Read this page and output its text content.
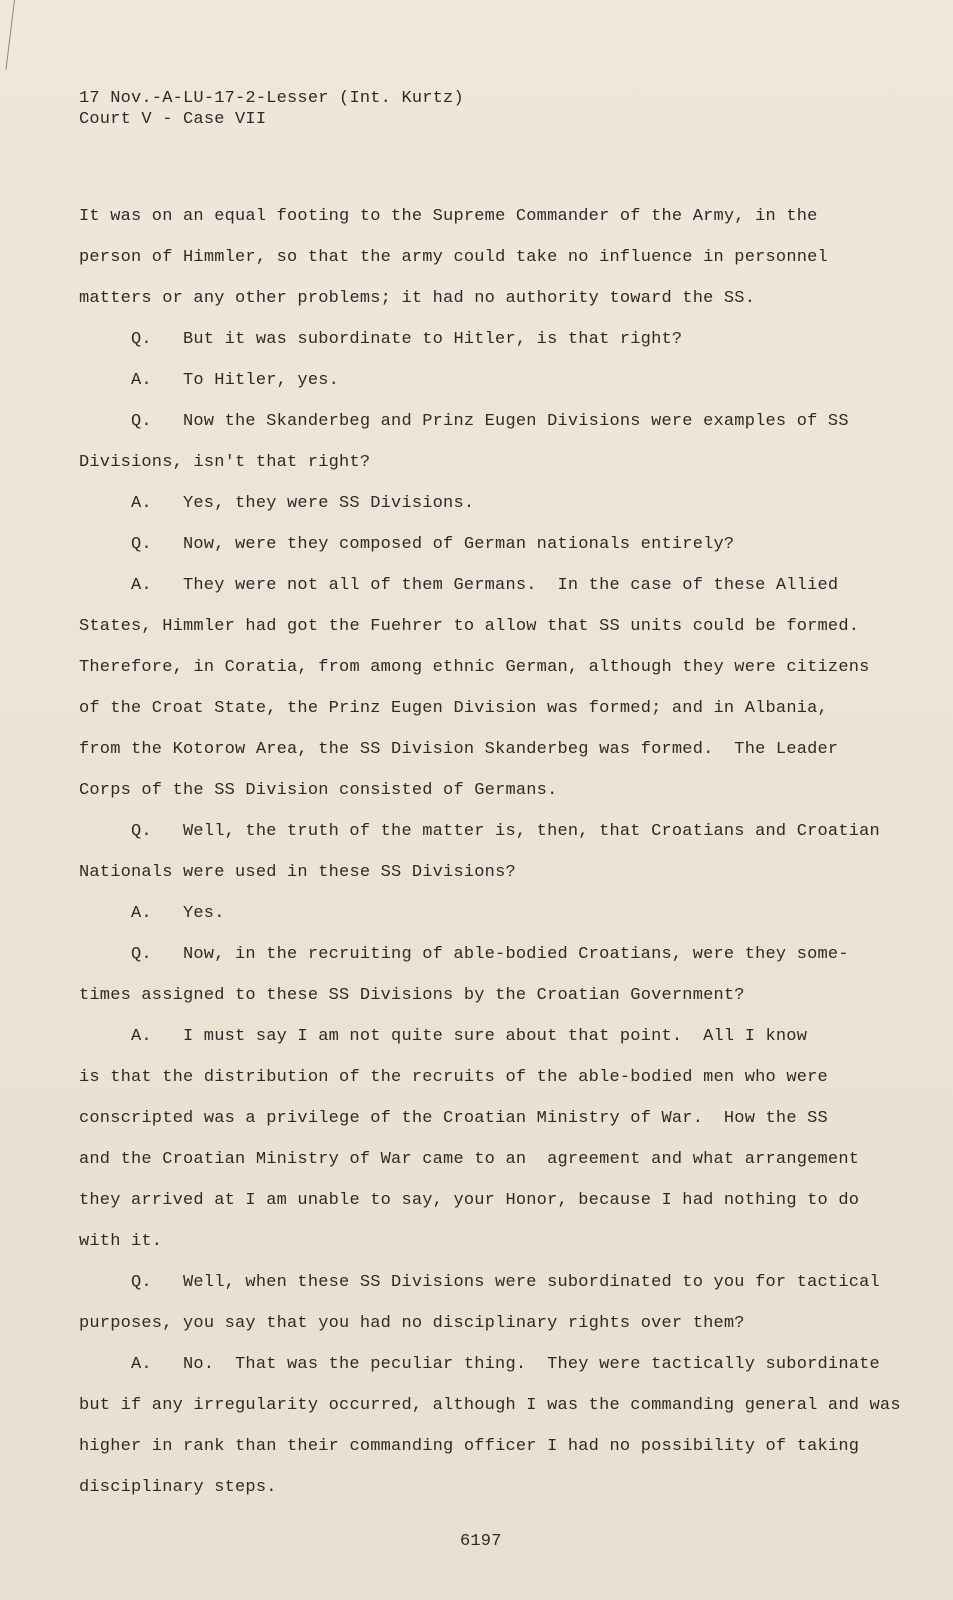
17 Nov.-A-LU-17-2-Lesser (Int. Kurtz)
Court V - Case VII
It was on an equal footing to the Supreme Commander of the Army, in the
person of Himmler, so that the army could take no influence in personnel
matters or any other problems; it had no authority toward the SS.
Q.   But it was subordinate to Hitler, is that right?
A.   To Hitler, yes.
Q.   Now the Skanderbeg and Prinz Eugen Divisions were examples of SS
Divisions, isn't that right?
A.   Yes, they were SS Divisions.
Q.   Now, were they composed of German nationals entirely?
A.   They were not all of them Germans.  In the case of these Allied
States, Himmler had got the Fuehrer to allow that SS units could be formed.
Therefore, in Coratia, from among ethnic German, although they were citizens
of the Croat State, the Prinz Eugen Division was formed; and in Albania,
from the Kotorow Area, the SS Division Skanderbeg was formed.  The Leader
Corps of the SS Division consisted of Germans.
Q.   Well, the truth of the matter is, then, that Croatians and Croatian
Nationals were used in these SS Divisions?
A.   Yes.
Q.   Now, in the recruiting of able-bodied Croatians, were they some-
times assigned to these SS Divisions by the Croatian Government?
A.   I must say I am not quite sure about that point.  All I know
is that the distribution of the recruits of the able-bodied men who were
conscripted was a privilege of the Croatian Ministry of War.  How the SS
and the Croatian Ministry of War came to an  agreement and what arrangement
they arrived at I am unable to say, your Honor, because I had nothing to do
with it.
Q.   Well, when these SS Divisions were subordinated to you for tactical
purposes, you say that you had no disciplinary rights over them?
A.   No.  That was the peculiar thing.  They were tactically subordinate
but if any irregularity occurred, although I was the commanding general and was
higher in rank than their commanding officer I had no possibility of taking
disciplinary steps.
6197
